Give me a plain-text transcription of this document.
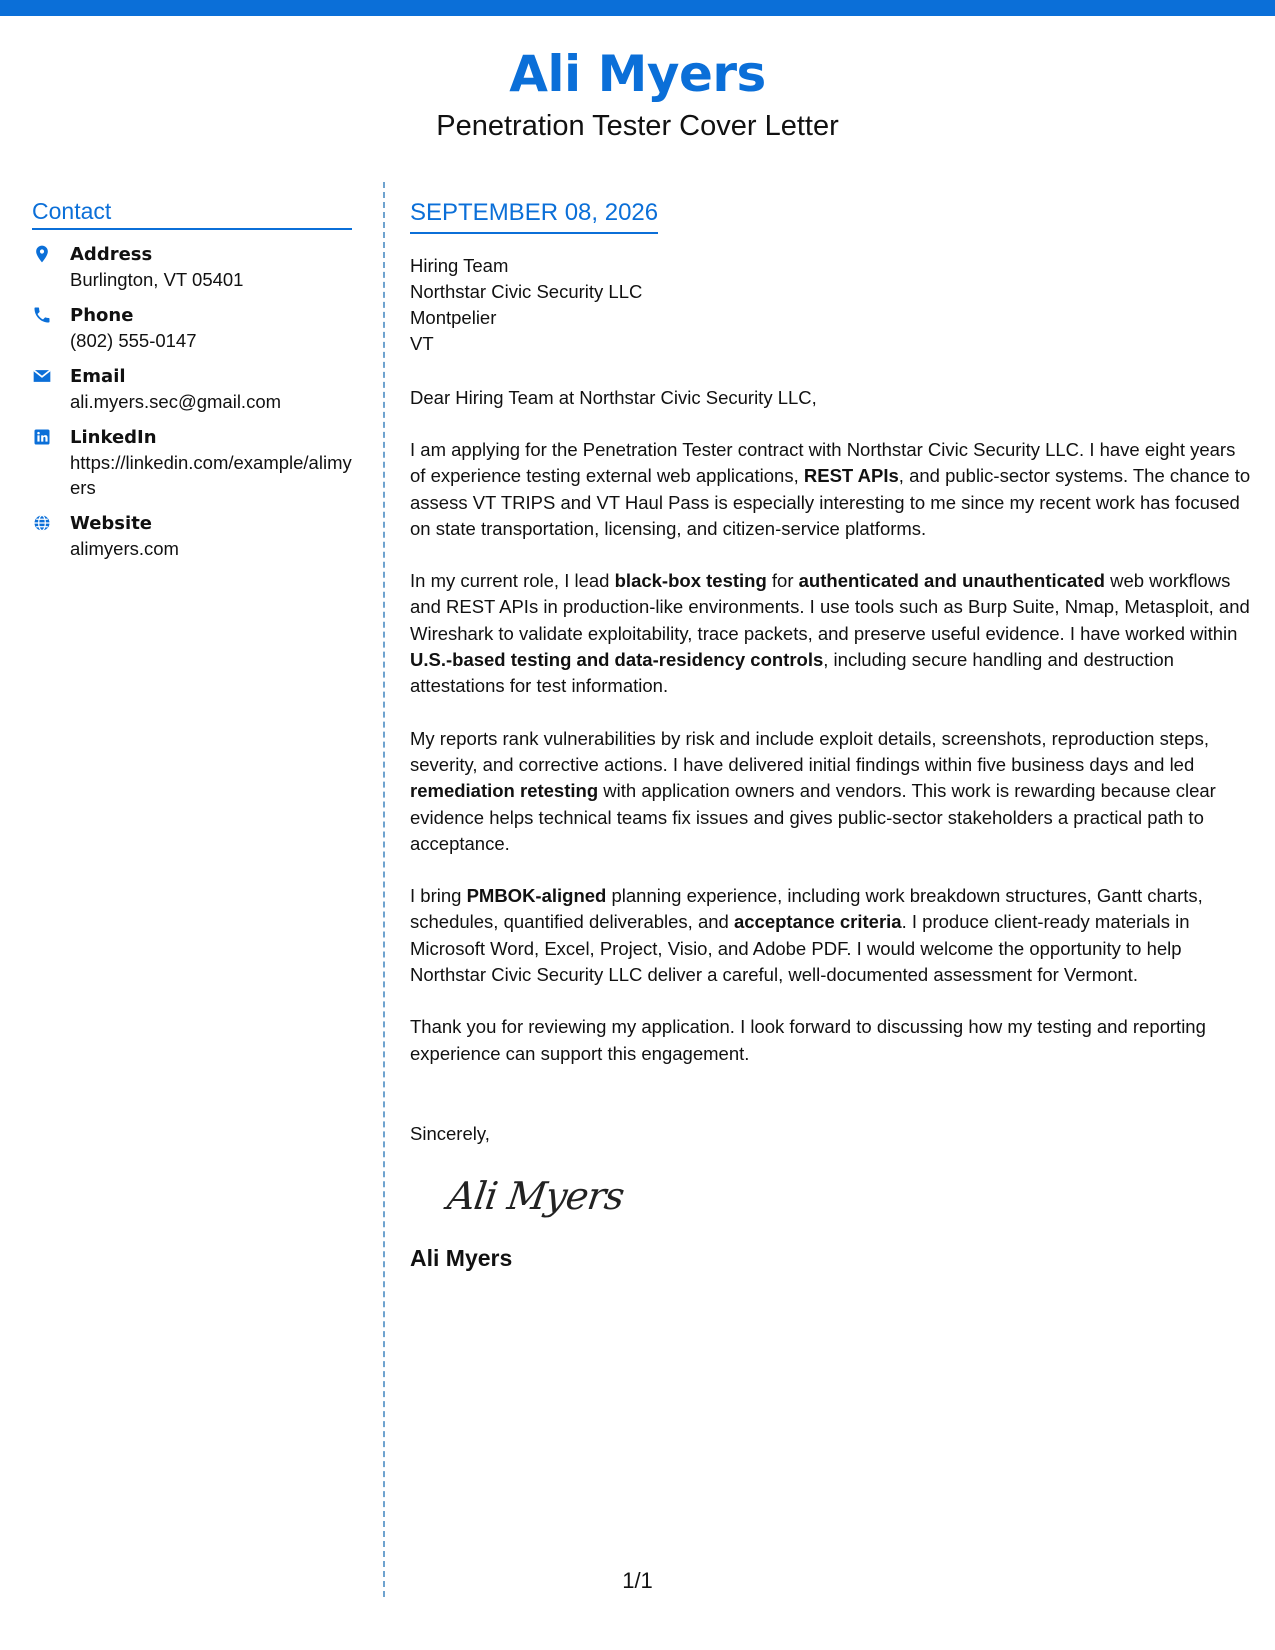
Ali Myers
Penetration Tester Cover Letter
Contact
Address
Burlington, VT 05401
Phone
(802) 555-0147
Email
ali.myers.sec@gmail.com
LinkedIn
https://linkedin.com/example/alimyers
Website
alimyers.com
SEPTEMBER 08, 2026
Hiring Team
Northstar Civic Security LLC
Montpelier
VT
Dear Hiring Team at Northstar Civic Security LLC,
I am applying for the Penetration Tester contract with Northstar Civic Security LLC. I have eight years of experience testing external web applications, REST APIs, and public-sector systems. The chance to assess VT TRIPS and VT Haul Pass is especially interesting to me since my recent work has focused on state transportation, licensing, and citizen-service platforms.
In my current role, I lead black-box testing for authenticated and unauthenticated web workflows and REST APIs in production-like environments. I use tools such as Burp Suite, Nmap, Metasploit, and Wireshark to validate exploitability, trace packets, and preserve useful evidence. I have worked within U.S.-based testing and data-residency controls, including secure handling and destruction attestations for test information.
My reports rank vulnerabilities by risk and include exploit details, screenshots, reproduction steps, severity, and corrective actions. I have delivered initial findings within five business days and led remediation retesting with application owners and vendors. This work is rewarding because clear evidence helps technical teams fix issues and gives public-sector stakeholders a practical path to acceptance.
I bring PMBOK-aligned planning experience, including work breakdown structures, Gantt charts, schedules, quantified deliverables, and acceptance criteria. I produce client-ready materials in Microsoft Word, Excel, Project, Visio, and Adobe PDF. I would welcome the opportunity to help Northstar Civic Security LLC deliver a careful, well-documented assessment for Vermont.
Thank you for reviewing my application. I look forward to discussing how my testing and reporting experience can support this engagement.
Sincerely,
Ali Myers
Ali Myers
1/1
